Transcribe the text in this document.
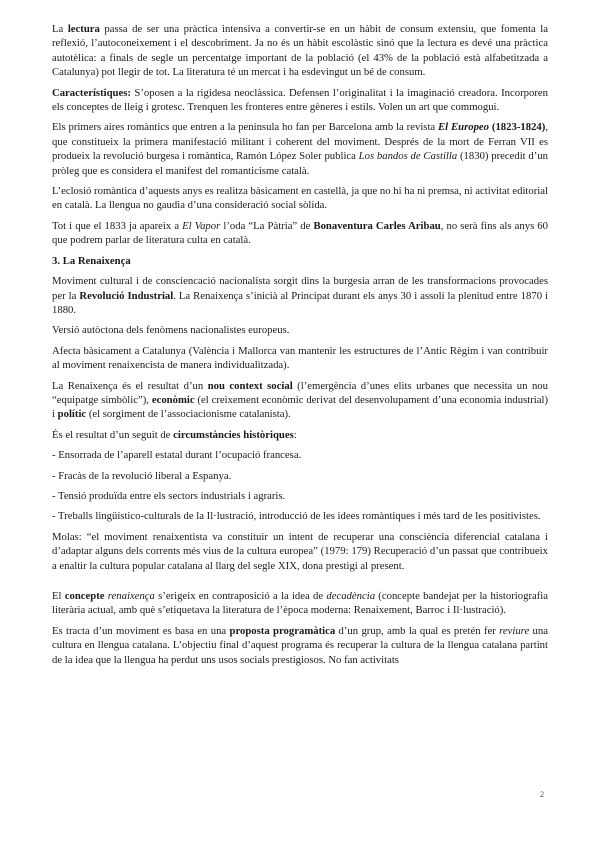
La lectura passa de ser una pràctica intensiva a convertir-se en un hàbit de consum extensiu, que fomenta la reflexió, l’autoconeixement i el descobriment. Ja no és un hàbit escolàstic sinó que la lectura es devé una pràctica autotèlica: a finals de segle un percentatge important de la població (el 43% de la població està alfabetitzada a Catalunya) pot llegir de tot. La literatura té un mercat i ha esdevingut un bé de consum.

Característiques: S’oposen a la rigidesa neoclàssica. Defensen l’originalitat i la imaginació creadora. Incorporen els conceptes de lleig i grotesc. Trenquen les fronteres entre gèneres i estils. Volen un art que commogui.

Els primers aires romàntics que entren a la península ho fan per Barcelona amb la revista El Europeo (1823-1824), que constitueix la primera manifestació militant i coherent del moviment. Després de la mort de Ferran VII es produeix la revolució burgesa i romàntica, Ramón López Soler publica Los bandos de Castilla (1830) precedit d’un pròleg que es considera el manifest del romanticisme català.

L’eclosió romàntica d’aquests anys es realitza bàsicament en castellà, ja que no hi ha ni premsa, ni activitat editorial en català. La llengua no gaudia d’una consideració social sòlida.

Tot i que el 1833 ja apareix a El Vapor l’oda “La Pàtria” de Bonaventura Carles Aribau, no serà fins als anys 60 que podrem parlar de literatura culta en català.

3. La Renaixença

Moviment cultural i de consciencació nacionalista sorgit dins la burgesia arran de les transformacions provocades per la Revolució Industrial. La Renaixença s’inicià al Principat durant els anys 30 i assolí la plenitud entre 1870 i 1880.

Versió autòctona dels fenòmens nacionalistes europeus.

Afecta bàsicament a Catalunya (València i Mallorca van mantenir les estructures de l’Antic Règim i van contribuir al moviment renaixencista de manera individualitzada).

La Renaixença és el resultat d’un nou context social (l’emergència d’unes elits urbanes que necessita un nou “equipatge simbòlic”), econòmic (el creixement econòmic derivat del desenvolupament d’una economia industrial) i polític (el sorgiment de l’associacionisme catalanista).

És el resultat d’un seguit de circumstàncies històriques:

- Ensorrada de l’aparell estatal durant l’ocupació francesa.

- Fracàs de la revolució liberal a Espanya.

- Tensió produïda entre els sectors industrials i agraris.

- Treballs lingüístico-culturals de la Il·lustració, introducció de les idees romàntiques i més tard de les positivistes.

Molas: “el moviment renaixentista va constituir un intent de recuperar una consciència diferencial catalana i d’adaptar alguns dels corrents més vius de la cultura europea” (1979: 179) Recuperació d’un passat que contribueix a enaltir la cultura popular catalana al llarg del segle XIX, dona prestigi al present.

El concepte renaixença s’erigeix en contraposició a la idea de decadència (concepte bandejat per la historiografia literària actual, amb què s’etiquetava la literatura de l’època moderna: Renaixement, Barroc i Il·lustració).

Es tracta d’un moviment es basa en una proposta programàtica d’un grup, amb la qual es pretén fer reviure una cultura en llengua catalana. L’objectiu final d’aquest programa és recuperar la cultura de la llengua catalana partint de la idea que la llengua ha perdut uns usos socials prestigiosos. No fan activitats

2
